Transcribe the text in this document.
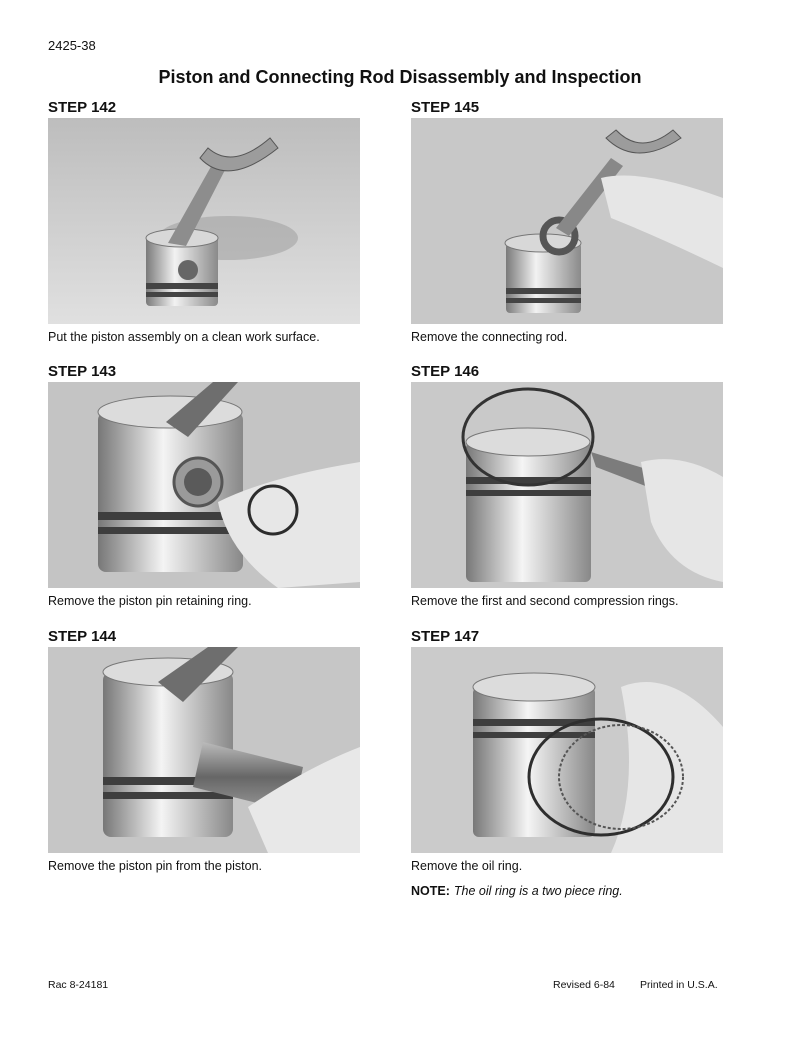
2425-38
Piston and Connecting Rod Disassembly and Inspection
STEP 142
Put the piston assembly on a clean work surface.
STEP 143
Remove the piston pin retaining ring.
STEP 144
Remove the piston pin from the piston.
STEP 145
Remove the connecting rod.
STEP 146
Remove the first and second compression rings.
STEP 147
Remove the oil ring.
NOTE: The oil ring is a two piece ring.
Rac 8-24181	Revised 6-84 Printed in U.S.A.
